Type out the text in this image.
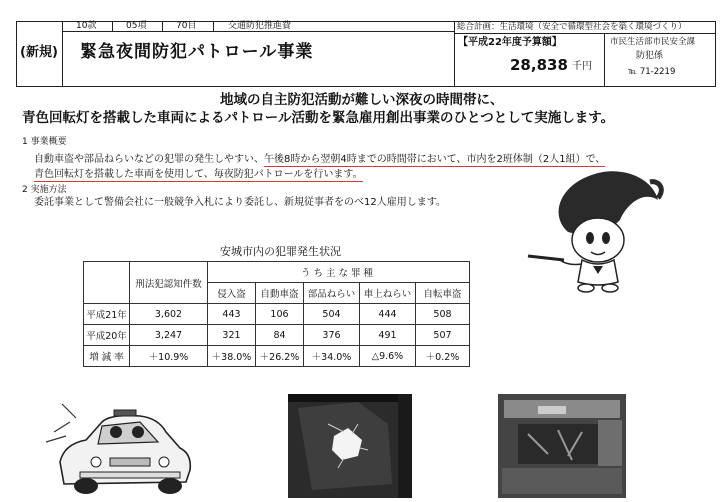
10款	05項	70目	交通防犯推進費	総合計画：生活環境（安全で循環型社会を築く環境づくり）
(新規) 緊急夜間防犯パトロール事業	【平成22年度予算額】
28,838 千円
市民生活部市民安全課
防犯係
℡ 71-2219
地域の自主防犯活動が難しい深夜の時間帯に、
青色回転灯を搭載した車両によるパトロール活動を緊急雇用創出事業のひとつとして実施します。
1 事業概要
自動車盗や部品ねらいなどの犯罪の発生しやすい、午後8時から翌朝4時までの時間帯において、市内を2班体制（2人1組）で、
青色回転灯を搭載した車両を使用して、毎夜防犯パトロールを行います。
2 実施方法
委託事業として警備会社に一般競争入札により委託し、新規従事者をのべ12人雇用します。
安城市内の犯罪発生状況
	刑法犯認知件数	うち主な罪種				
		侵入盗	自動車盗	部品ねらい	車上ねらい	自転車盗
平成21年	3,602	443	106	504	444	508
平成20年	3,247	321	84	376	491	507
増 減 率	＋10.9%	＋38.0%	＋26.2%	＋34.0%	△9.6%	＋0.2%
